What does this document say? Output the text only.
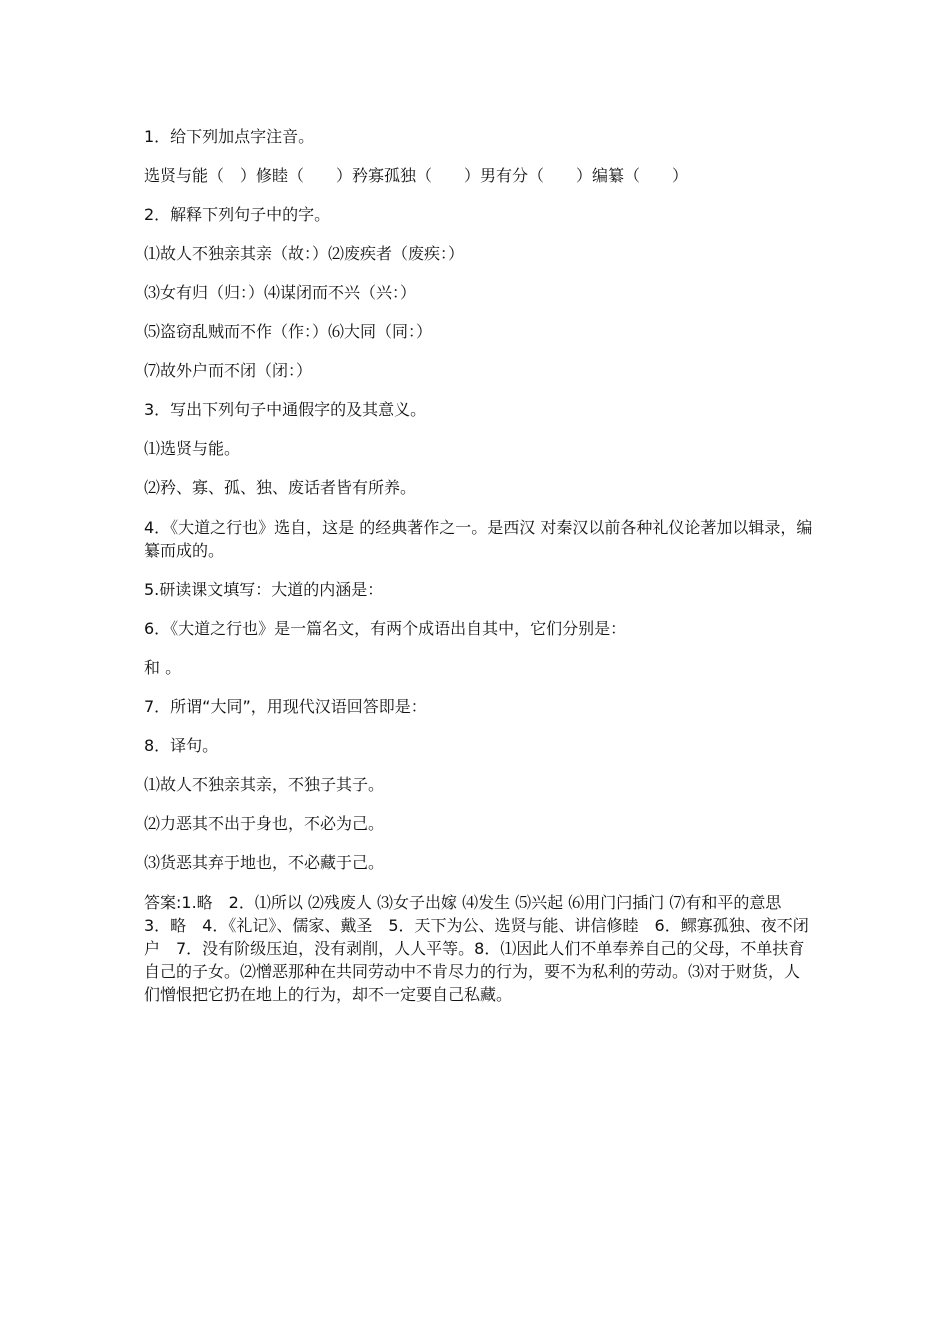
1．给下列加点字注音。

选贤与能（　）修睦（　　）矜寡孤独（　　）男有分（　　）编纂（　　）

2．解释下列句子中的字。

⑴故人不独亲其亲（故：）⑵废疾者（废疾：）

⑶女有归（归：）⑷谋闭而不兴（兴：）

⑸盗窃乱贼而不作（作：）⑹大同（同：）

⑺故外户而不闭（闭：）

3．写出下列句子中通假字的及其意义。

⑴选贤与能。

⑵矜、寡、孤、独、废话者皆有所养。

4．《大道之行也》选自，这是 的经典著作之一。是西汉 对秦汉以前各种礼仪论著加以辑录，编纂而成的。

5.研读课文填写：大道的内涵是：

6．《大道之行也》是一篇名文，有两个成语出自其中，它们分别是：

和 。

7．所谓“大同”，用现代汉语回答即是：

8．译句。

⑴故人不独亲其亲，不独子其子。

⑵力恶其不出于身也，不必为己。

⑶货恶其弃于地也，不必藏于己。

答案:1.略　2．⑴所以 ⑵残废人 ⑶女子出嫁 ⑷发生 ⑸兴起 ⑹用门闩插门 ⑺有和平的意思　3．略　4．《礼记》、儒家、戴圣　5．天下为公、选贤与能、讲信修睦　6．鳏寡孤独、夜不闭户　7．没有阶级压迫，没有剥削，人人平等。8．⑴因此人们不单奉养自己的父母，不单扶育自己的子女。⑵憎恶那种在共同劳动中不肯尽力的行为，要不为私利的劳动。⑶对于财货，人们憎恨把它扔在地上的行为，却不一定要自己私藏。
